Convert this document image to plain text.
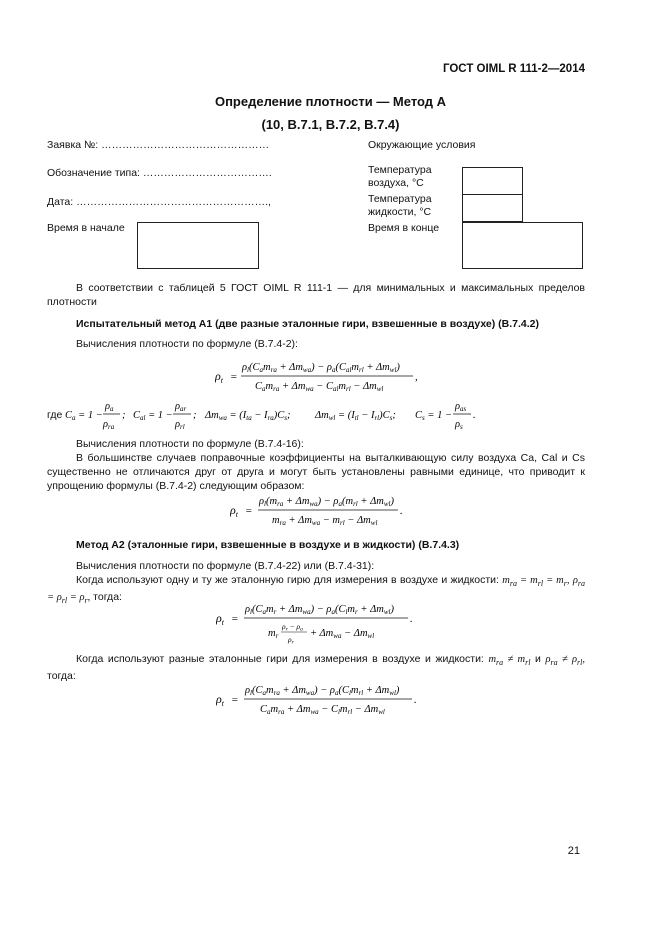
ГОСТ OIML R 111-2—2014
Определение плотности — Метод А
(10, B.7.1, B.7.2, B.7.4)
Заявка №: …………………………………………
Обозначение типа: ……………………………….
Дата: ……………………………………………….,
Время в начале
Окружающие условия
Температура воздуха, °С
Температура жидкости, °С
Время в конце
В соответствии с таблицей 5 ГОСТ OIML R 111-1 — для минимальных и максимальных пределов плотности
Испытательный метод А1 (две разные эталонные гири, взвешенные в воздухе) (B.7.4.2)
Вычисления плотности по формуле (B.7.4-2):
$\rho_t$ =
ρl(Camra + Δmwa) − ρa(Calmrl + Δmwl)
Camra + Δmwa − Calmrl − Δmwl
,
где Ca = 1 −
ρa
ρra
; Cal = 1 −
ρar
ρrl
; Δmwa = (Ita − Ira)Cs; Δmwl = (Itl − Irl)Cs; Cs = 1 −
ρas
ρs
.
Вычисления плотности по формуле (B.7.4-16):
В большинстве случаев поправочные коэффициенты на выталкивающую силу воздуха Ca, Cal и Cs существенно не отличаются друг от друга и могут быть установлены равными единице, что приводит к упрощению формулы (B.7.4-2) следующим образом:
$\rho_t$ =
ρl(mra + Δmwa) − ρa(mrl + Δmwl)
mra + Δmwa − mrl − Δmwl
.
Метод А2 (эталонные гири, взвешенные в воздухе и в жидкости) (B.7.4.3)
Вычисления плотности по формуле (B.7.4-22) или (B.7.4-31):
Когда используют одну и ту же эталонную гирю для измерения в воздухе и жидкости: $m_{ra} = m_{rl} = m_r$, $\rho_{ra} = \rho_{rl} = \rho_r$, тогда:
$\rho_t$ =
ρl(Camr + Δmwa) − ρa(Clmr + Δmwl)
mr
$\rho_r - \rho_a$
$\rho_r$
+ Δmwa − Δmwl
.
Когда используют разные эталонные гири для измерения в воздухе и жидкости: $m_{ra} \ne m_{rl}$ и $\rho_{ra} \ne \rho_{rl}$, тогда:
$\rho_t$ =
ρl(Camra + Δmwa) − ρa(Clmrl + Δmwl)
Camra + Δmwa − Clmrl − Δmwl
.
21
